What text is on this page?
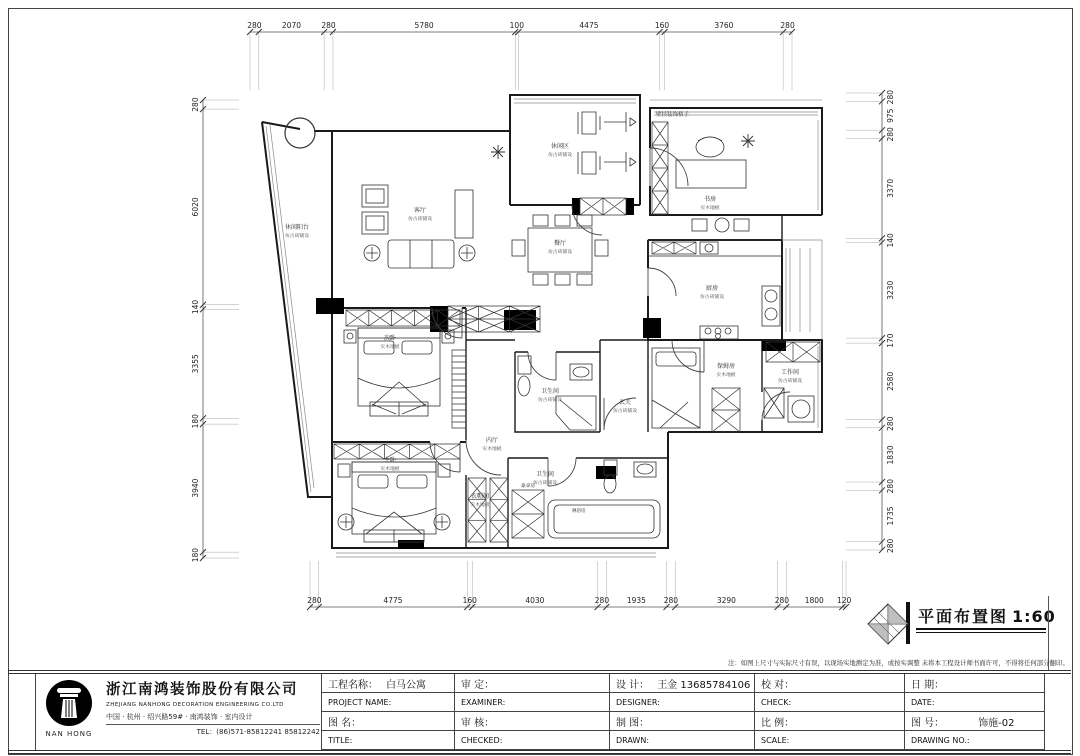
280	2070	280	5780	100	4475	160	3760	280
280	4775	160	4030	280 1935 280	3290	280 1800 120
280
6020
140
3355
180
3940
180
280
975
280
3370
140
3230
170
2580
280
1830
280
1735
280
壁挂装饰格子
休闲区
仿古砖铺设
书房
实木地板
休闲阳台
仿古砖铺设
客厅
仿古砖铺设
餐厅
仿古砖铺设
厨房
仿古砖铺设
次卧
实木地板
卫生间
仿古砖铺设	玄关
仿古砖铺设
保姆房
实木地板	工作间
仿古砖铺设
内厅
实木地板
主卧
实木地板
衣帽间
实木地板
卫生间
仿古砖铺设
桑拿房
淋浴房
平面布置图 1:60
注：如图上尺寸与实际尺寸有误，以现场实地测定为准，或按实调整 未将本工程设计师书面许可，不得将任何部分翻印。
NAN HONG
浙江南鸿装饰股份有限公司
ZHEJIANG NANHONG DECORATION ENGINEERING CO.LTD
中国 · 杭州 · 绍兴路59# · 南鸿装饰 · 室内设计
TEL：(86)571-85812241 85812242
工程名称： 白马公寓	审 定：	设 计： 王金 13685784106 校 对：	日 期：
PROJECT NAME:	EXAMINER:	DESIGNER:	CHECK:	DATE:
图 名：	审 核：	制 图：	比 例：	图 号：	饰施-02
TITLE:	CHECKED:	DRAWN:	SCALE:	DRAWING NO.:
